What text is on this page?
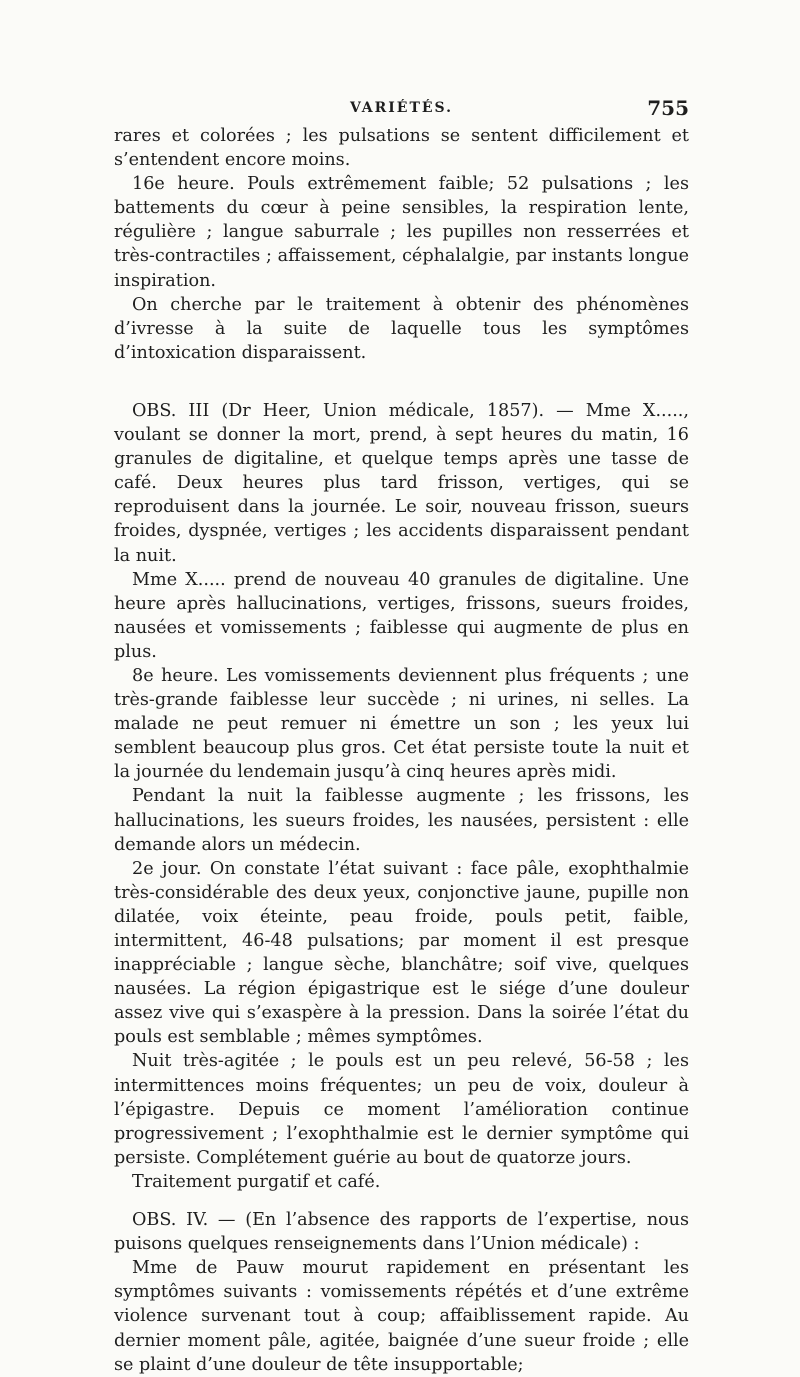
VARIÉTÉS.	755

rares et colorées ; les pulsations se sentent difficilement et s’entendent encore moins.

16e heure. Pouls extrêmement faible; 52 pulsations ; les battements du cœur à peine sensibles, la respiration lente, régulière ; langue saburrale ; les pupilles non resserrées et très-contractiles ; affaissement, céphalalgie, par instants longue inspiration.

On cherche par le traitement à obtenir des phénomènes d’ivresse à la suite de laquelle tous les symptômes d’intoxication disparaissent.

OBS. III (Dr Heer, Union médicale, 1857). — Mme X....., voulant se donner la mort, prend, à sept heures du matin, 16 granules de digitaline, et quelque temps après une tasse de café. Deux heures plus tard frisson, vertiges, qui se reproduisent dans la journée. Le soir, nouveau frisson, sueurs froides, dyspnée, vertiges ; les accidents disparaissent pendant la nuit.

Mme X..... prend de nouveau 40 granules de digitaline. Une heure après hallucinations, vertiges, frissons, sueurs froides, nausées et vomissements ; faiblesse qui augmente de plus en plus.

8e heure. Les vomissements deviennent plus fréquents ; une très-grande faiblesse leur succède ; ni urines, ni selles. La malade ne peut remuer ni émettre un son ; les yeux lui semblent beaucoup plus gros. Cet état persiste toute la nuit et la journée du lendemain jusqu’à cinq heures après midi.

Pendant la nuit la faiblesse augmente ; les frissons, les hallucinations, les sueurs froides, les nausées, persistent : elle demande alors un médecin.

2e jour. On constate l’état suivant : face pâle, exophthalmie très-considérable des deux yeux, conjonctive jaune, pupille non dilatée, voix éteinte, peau froide, pouls petit, faible, intermittent, 46-48 pulsations; par moment il est presque inappréciable ; langue sèche, blanchâtre; soif vive, quelques nausées. La région épigastrique est le siége d’une douleur assez vive qui s’exaspère à la pression. Dans la soirée l’état du pouls est semblable ; mêmes symptômes.

Nuit très-agitée ; le pouls est un peu relevé, 56-58 ; les intermittences moins fréquentes; un peu de voix, douleur à l’épigastre. Depuis ce moment l’amélioration continue progressivement ; l’exophthalmie est le dernier symptôme qui persiste. Complétement guérie au bout de quatorze jours.

Traitement purgatif et café.

OBS. IV. — (En l’absence des rapports de l’expertise, nous puisons quelques renseignements dans l’Union médicale) :

Mme de Pauw mourut rapidement en présentant les symptômes suivants : vomissements répétés et d’une extrême violence survenant tout à coup; affaiblissement rapide. Au dernier moment pâle, agitée, baignée d’une sueur froide ; elle se plaint d’une douleur de tête insupportable;
